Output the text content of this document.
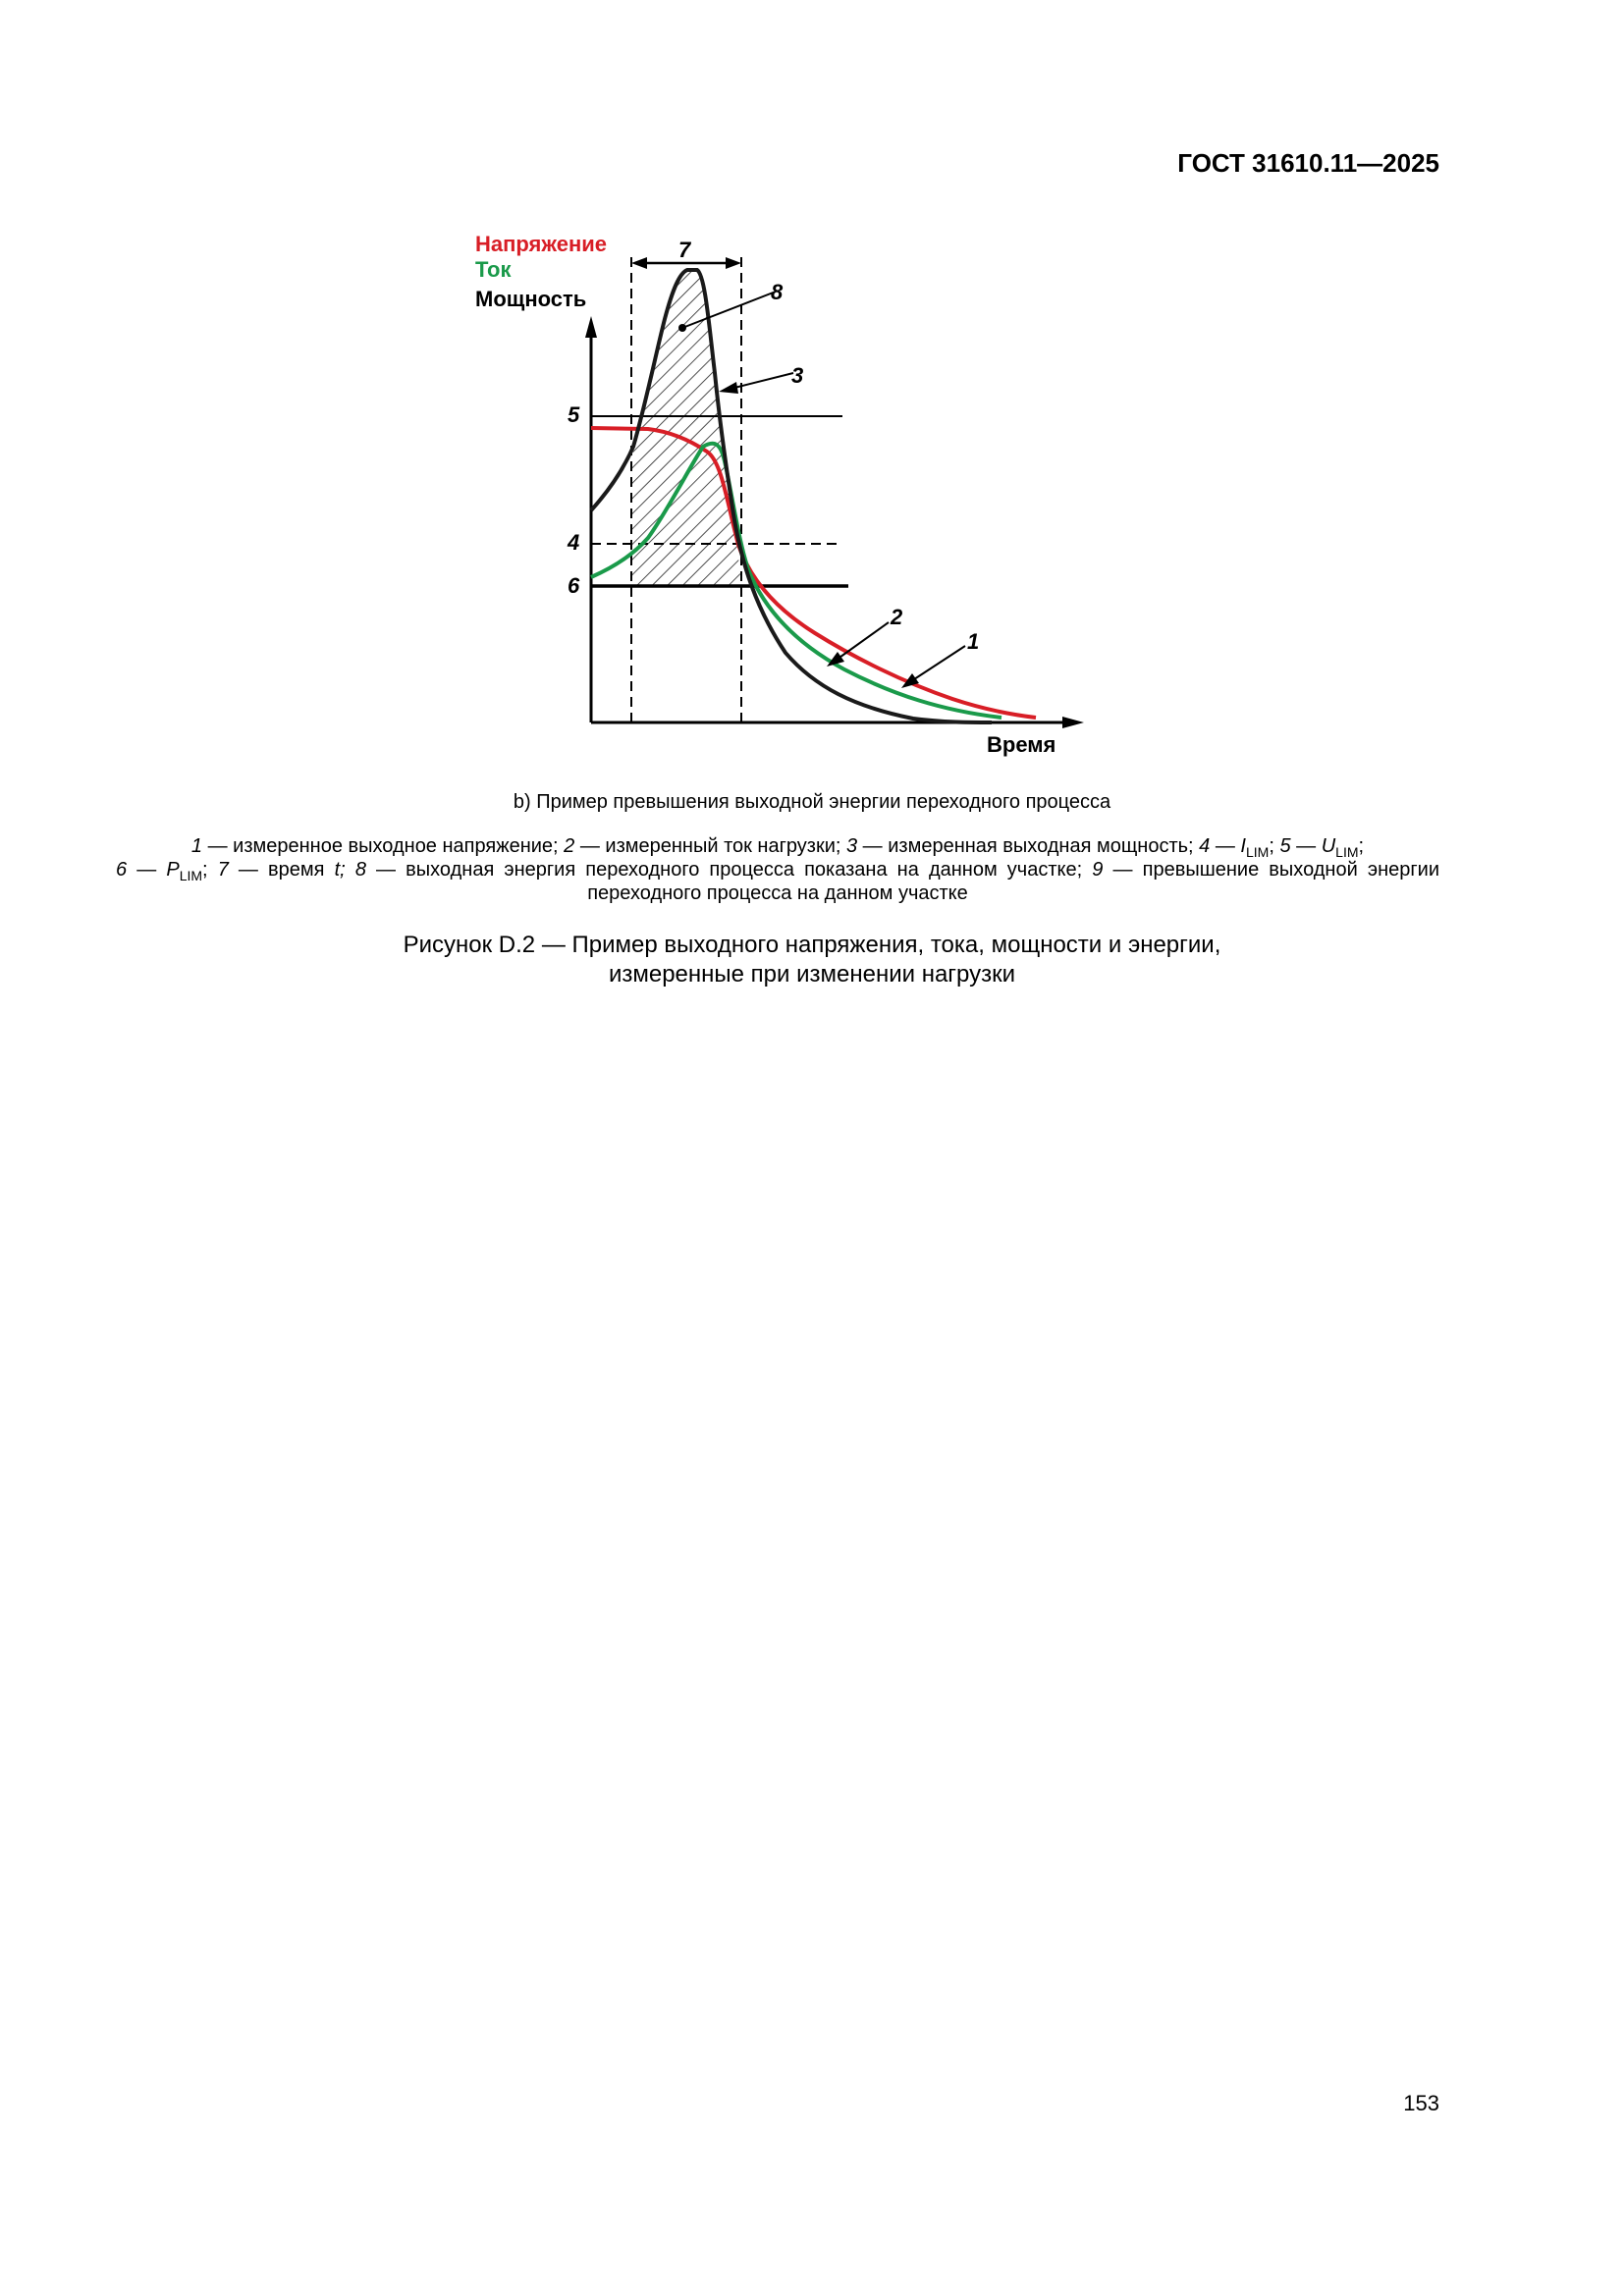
ГОСТ 31610.11—2025
Напряжение
Ток
Мощность
5
4
6
7
8
3
2
1
Время
b) Пример превышения выходной энергии переходного процесса
1 — измеренное выходное напряжение; 2 — измеренный ток нагрузки; 3 — измеренная выходная мощность; 4 — $I_{LIM}$; 5 — $U_{LIM}$;
6 — $P_{LIM}$; 7 — время t; 8 — выходная энергия переходного процесса показана на данном участке; 9 — превышение выходной энергии переходного процесса на данном участке
Рисунок D.2 — Пример выходного напряжения, тока, мощности и энергии,
измеренные при изменении нагрузки
153
